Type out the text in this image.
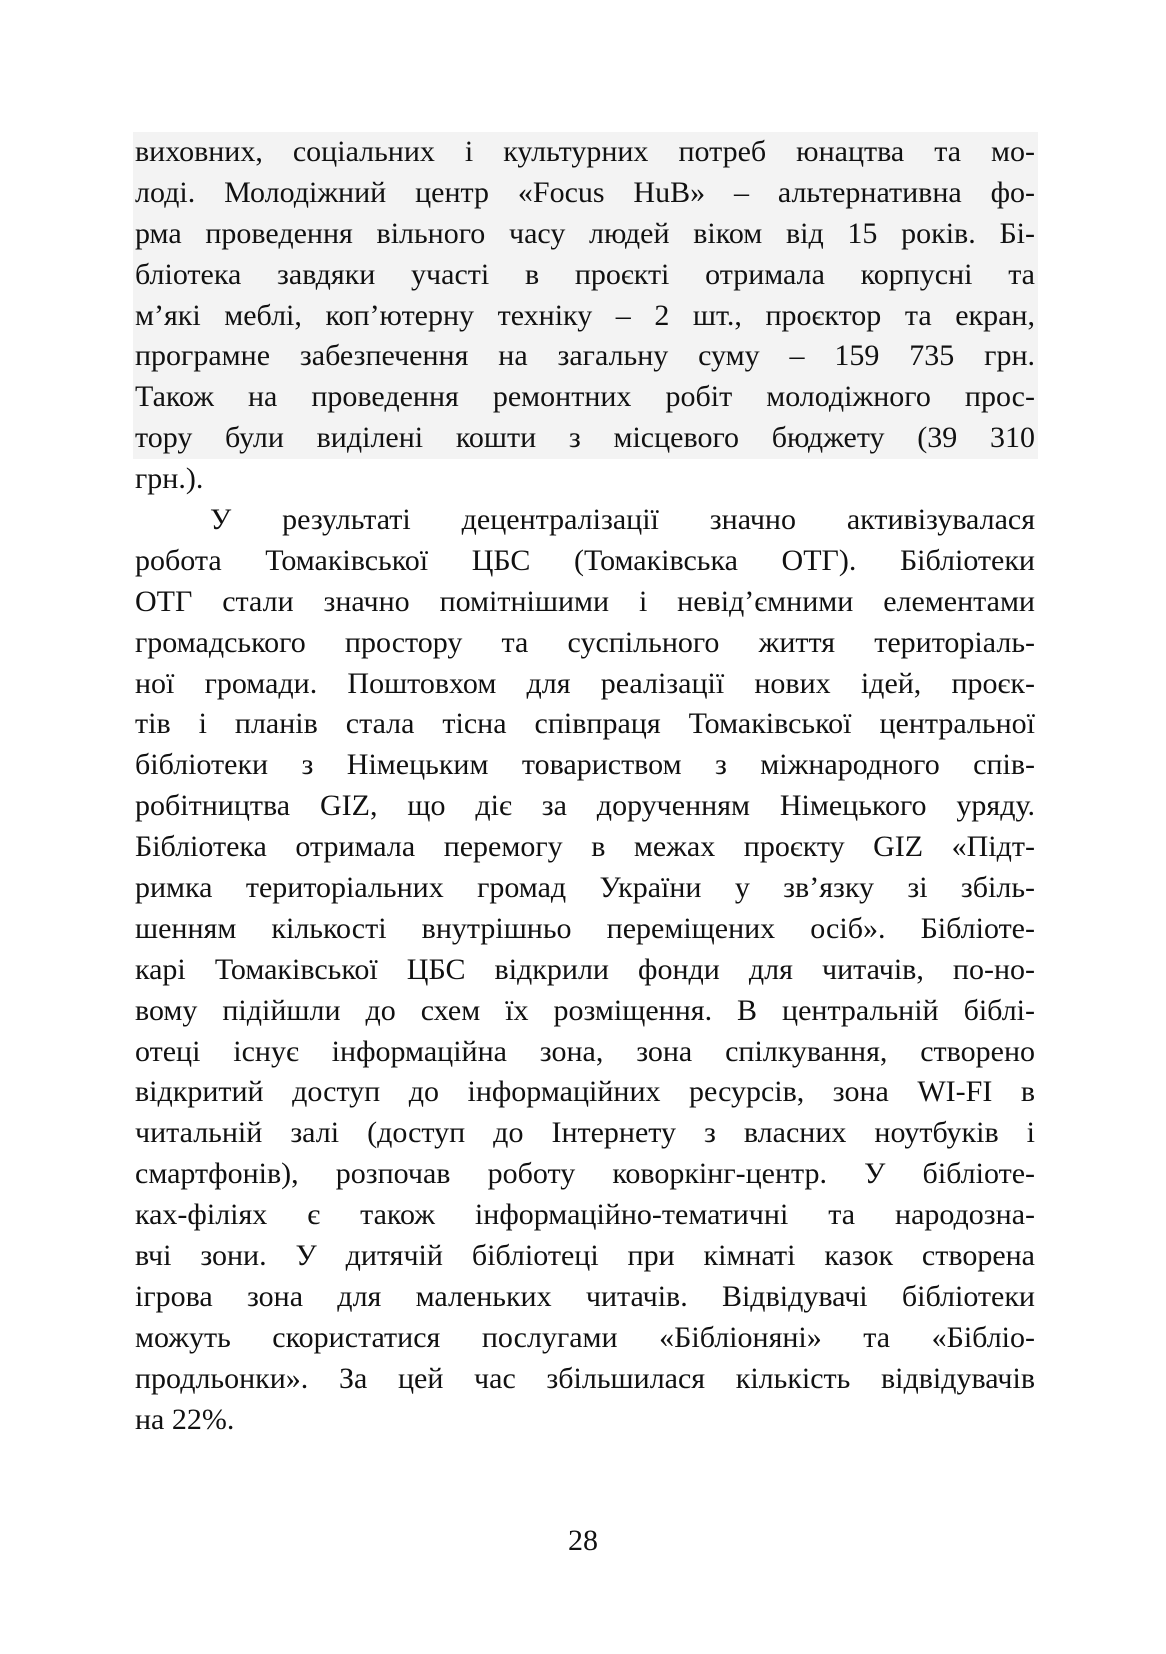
виховних, соціальних і культурних потреб юнацтва та мо-
лоді. Молодіжний центр «Focus HuB» – альтернативна фо-
рма проведення вільного часу людей віком від 15 років. Бі-
бліотека завдяки участі в проєкті отримала корпусні та
м’які меблі, коп’ютерну техніку – 2 шт., проєктор та екран,
програмне забезпечення на загальну суму – 159 735 грн.
Також на проведення ремонтних робіт молодіжного прос-
тору були виділені кошти з місцевого бюджету (39 310
грн.).
У результаті децентралізації значно активізувалася
робота Томаківської ЦБС (Томаківська ОТГ). Бібліотеки
ОТГ стали значно помітнішими і невід’ємними елементами
громадського простору та суспільного життя територіаль-
ної громади. Поштовхом для реалізації нових ідей, проєк-
тів і планів стала тісна співпраця Томаківської центральної
бібліотеки з Німецьким товариством з міжнародного спів-
робітництва GIZ, що діє за дорученням Німецького уряду.
Бібліотека отримала перемогу в межах проєкту GIZ «Підт-
римка територіальних громад України у зв’язку зі збіль-
шенням кількості внутрішньо переміщених осіб». Бібліоте-
карі Томаківської ЦБС відкрили фонди для читачів, по-но-
вому підійшли до схем їх розміщення. В центральній біблі-
отеці існує інформаційна зона, зона спілкування, створено
відкритий доступ до інформаційних ресурсів, зона WI-FI в
читальній залі (доступ до Інтернету з власних ноутбуків і
смартфонів), розпочав роботу коворкінг-центр. У бібліоте-
ках-філіях є також інформаційно-тематичні та народозна-
вчі зони. У дитячій бібліотеці при кімнаті казок створена
ігрова зона для маленьких читачів. Відвідувачі бібліотеки
можуть скористатися послугами «Бібліоняні» та «Бібліо-
продльонки». За цей час збільшилася кількість відвідувачів
на 22%.
28
